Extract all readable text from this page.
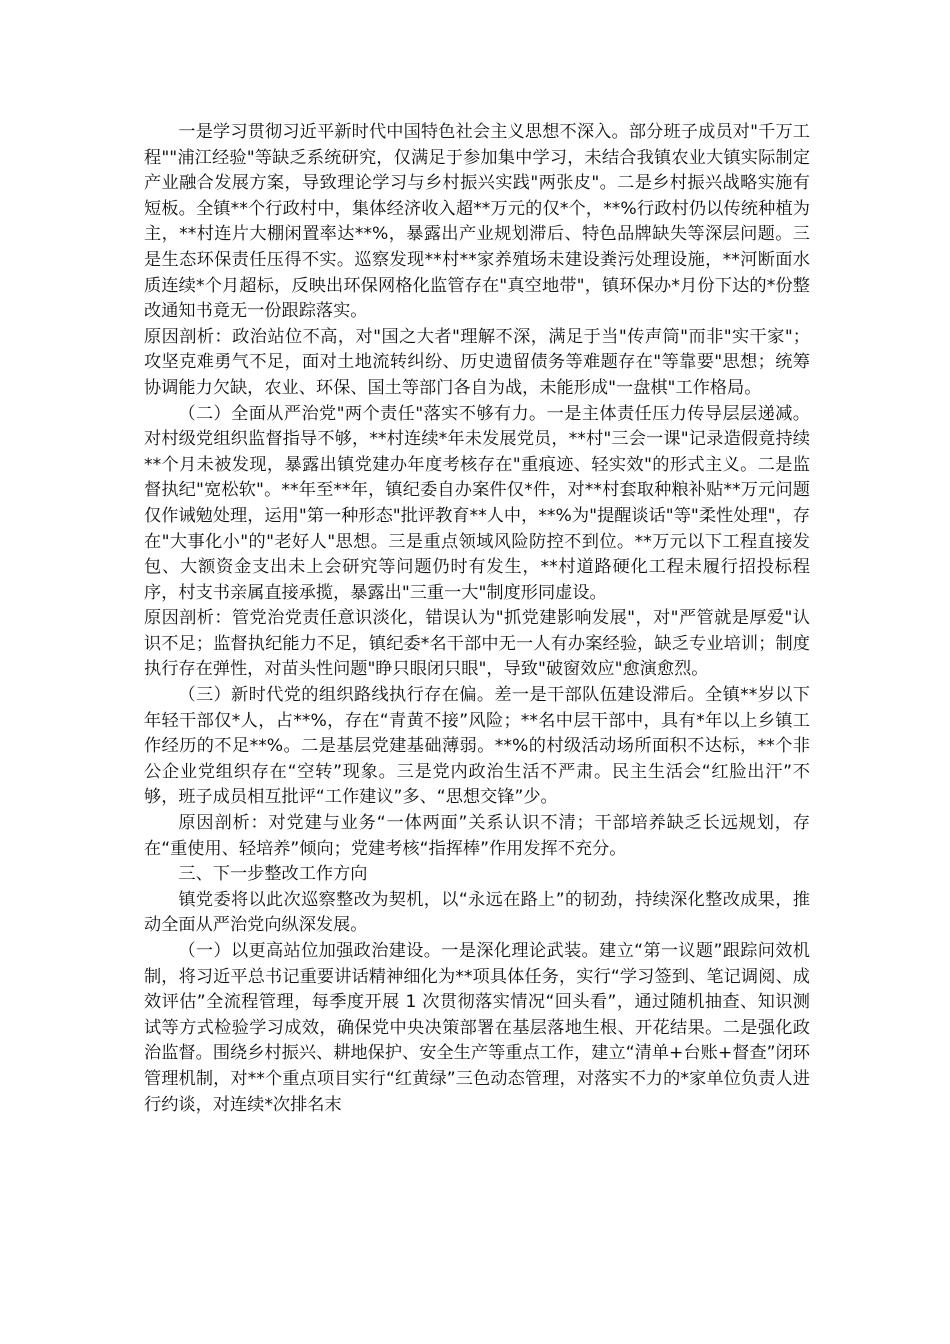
一是学习贯彻习近平新时代中国特色社会主义思想不深入。部分班子成员对"千万工程""浦江经验"等缺乏系统研究，仅满足于参加集中学习，未结合我镇农业大镇实际制定产业融合发展方案，导致理论学习与乡村振兴实践"两张皮"。二是乡村振兴战略实施有短板。全镇**个行政村中，集体经济收入超**万元的仅*个，**%行政村仍以传统种植为主，**村连片大棚闲置率达**%，暴露出产业规划滞后、特色品牌缺失等深层问题。三是生态环保责任压得不实。巡察发现**村**家养殖场未建设粪污处理设施，**河断面水质连续*个月超标，反映出环保网格化监管存在"真空地带"，镇环保办*月份下达的*份整改通知书竟无一份跟踪落实。

原因剖析：政治站位不高，对"国之大者"理解不深，满足于当"传声筒"而非"实干家"；攻坚克难勇气不足，面对土地流转纠纷、历史遗留债务等难题存在"等靠要"思想；统筹协调能力欠缺，农业、环保、国土等部门各自为战，未能形成"一盘棋"工作格局。

（二）全面从严治党"两个责任"落实不够有力。一是主体责任压力传导层层递减。对村级党组织监督指导不够，**村连续*年未发展党员，**村"三会一课"记录造假竟持续**个月未被发现，暴露出镇党建办年度考核存在"重痕迹、轻实效"的形式主义。二是监督执纪"宽松软"。**年至**年，镇纪委自办案件仅*件，对**村套取种粮补贴**万元问题仅作诫勉处理，运用"第一种形态"批评教育**人中，**%为"提醒谈话"等"柔性处理"，存在"大事化小"的"老好人"思想。三是重点领域风险防控不到位。**万元以下工程直接发包、大额资金支出未上会研究等问题仍时有发生，**村道路硬化工程未履行招投标程序，村支书亲属直接承揽，暴露出"三重一大"制度形同虚设。

原因剖析：管党治党责任意识淡化，错误认为"抓党建影响发展"，对"严管就是厚爱"认识不足；监督执纪能力不足，镇纪委*名干部中无一人有办案经验，缺乏专业培训；制度执行存在弹性，对苗头性问题"睁只眼闭只眼"，导致"破窗效应"愈演愈烈。

（三）新时代党的组织路线执行存在偏。差一是干部队伍建设滞后。全镇**岁以下年轻干部仅*人，占**%，存在“青黄不接”风险；**名中层干部中，具有*年以上乡镇工作经历的不足**%。二是基层党建基础薄弱。**%的村级活动场所面积不达标，**个非公企业党组织存在“空转”现象。三是党内政治生活不严肃。民主生活会“红脸出汗”不够，班子成员相互批评“工作建议”多、“思想交锋”少。

原因剖析：对党建与业务“一体两面”关系认识不清；干部培养缺乏长远规划，存在“重使用、轻培养”倾向；党建考核“指挥棒”作用发挥不充分。

三、下一步整改工作方向

镇党委将以此次巡察整改为契机，以“永远在路上”的韧劲，持续深化整改成果，推动全面从严治党向纵深发展。

（一）以更高站位加强政治建设。一是深化理论武装。建立“第一议题”跟踪问效机制，将习近平总书记重要讲话精神细化为**项具体任务，实行“学习签到、笔记调阅、成效评估”全流程管理，每季度开展 1 次贯彻落实情况“回头看”，通过随机抽查、知识测试等方式检验学习成效，确保党中央决策部署在基层落地生根、开花结果。二是强化政治监督。围绕乡村振兴、耕地保护、安全生产等重点工作，建立“清单+台账+督查”闭环管理机制，对**个重点项目实行“红黄绿”三色动态管理，对落实不力的*家单位负责人进行约谈，对连续*次排名末
